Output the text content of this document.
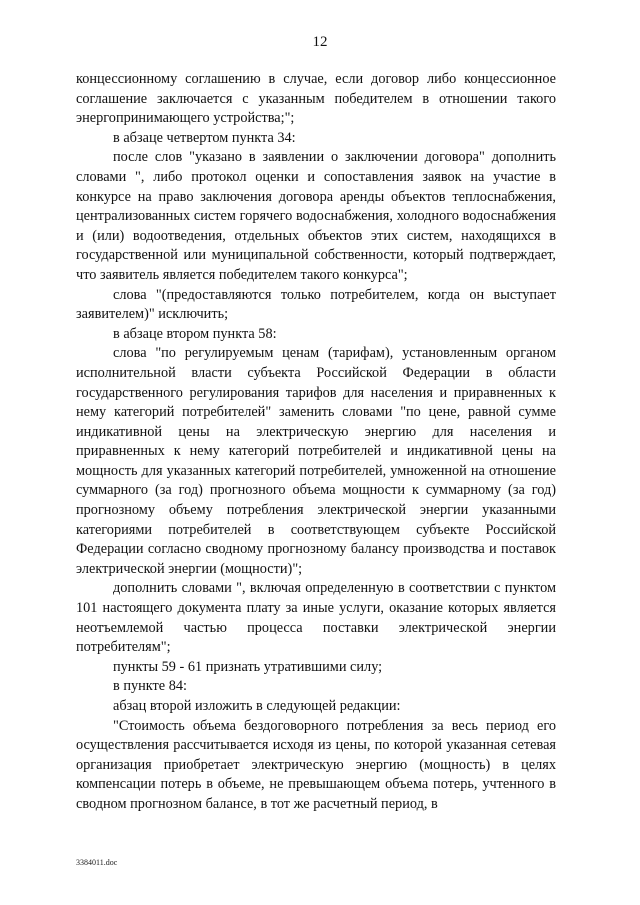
12

концессионному соглашению в случае, если договор либо концессионное соглашение заключается с указанным победителем в отношении такого энергопринимающего устройства;";

в абзаце четвертом пункта 34:

после слов "указано в заявлении о заключении договора" дополнить словами ", либо протокол оценки и сопоставления заявок на участие в конкурсе на право заключения договора аренды объектов теплоснабжения, централизованных систем горячего водоснабжения, холодного водоснабжения и (или) водоотведения, отдельных объектов этих систем, находящихся в государственной или муниципальной собственности, который подтверждает, что заявитель является победителем такого конкурса";

слова "(предоставляются только потребителем, когда он выступает заявителем)" исключить;

в абзаце втором пункта 58:

слова "по регулируемым ценам (тарифам), установленным органом исполнительной власти субъекта Российской Федерации в области государственного регулирования тарифов для населения и приравненных к нему категорий потребителей" заменить словами "по цене, равной сумме индикативной цены на электрическую энергию для населения и приравненных к нему категорий потребителей и индикативной цены на мощность для указанных категорий потребителей, умноженной на отношение суммарного (за год) прогнозного объема мощности к суммарному (за год) прогнозному объему потребления электрической энергии указанными категориями потребителей в соответствующем субъекте Российской Федерации согласно сводному прогнозному балансу производства и поставок электрической энергии (мощности)";

дополнить словами ", включая определенную в соответствии с пунктом 101 настоящего документа плату за иные услуги, оказание которых является неотъемлемой частью процесса поставки электрической энергии потребителям";

пункты 59 - 61 признать утратившими силу;

в пункте 84:

абзац второй изложить в следующей редакции:

"Стоимость объема бездоговорного потребления за весь период его осуществления рассчитывается исходя из цены, по которой указанная сетевая организация приобретает электрическую энергию (мощность) в целях компенсации потерь в объеме, не превышающем объема потерь, учтенного в сводном прогнозном балансе, в тот же расчетный период, в

3384011.doc
